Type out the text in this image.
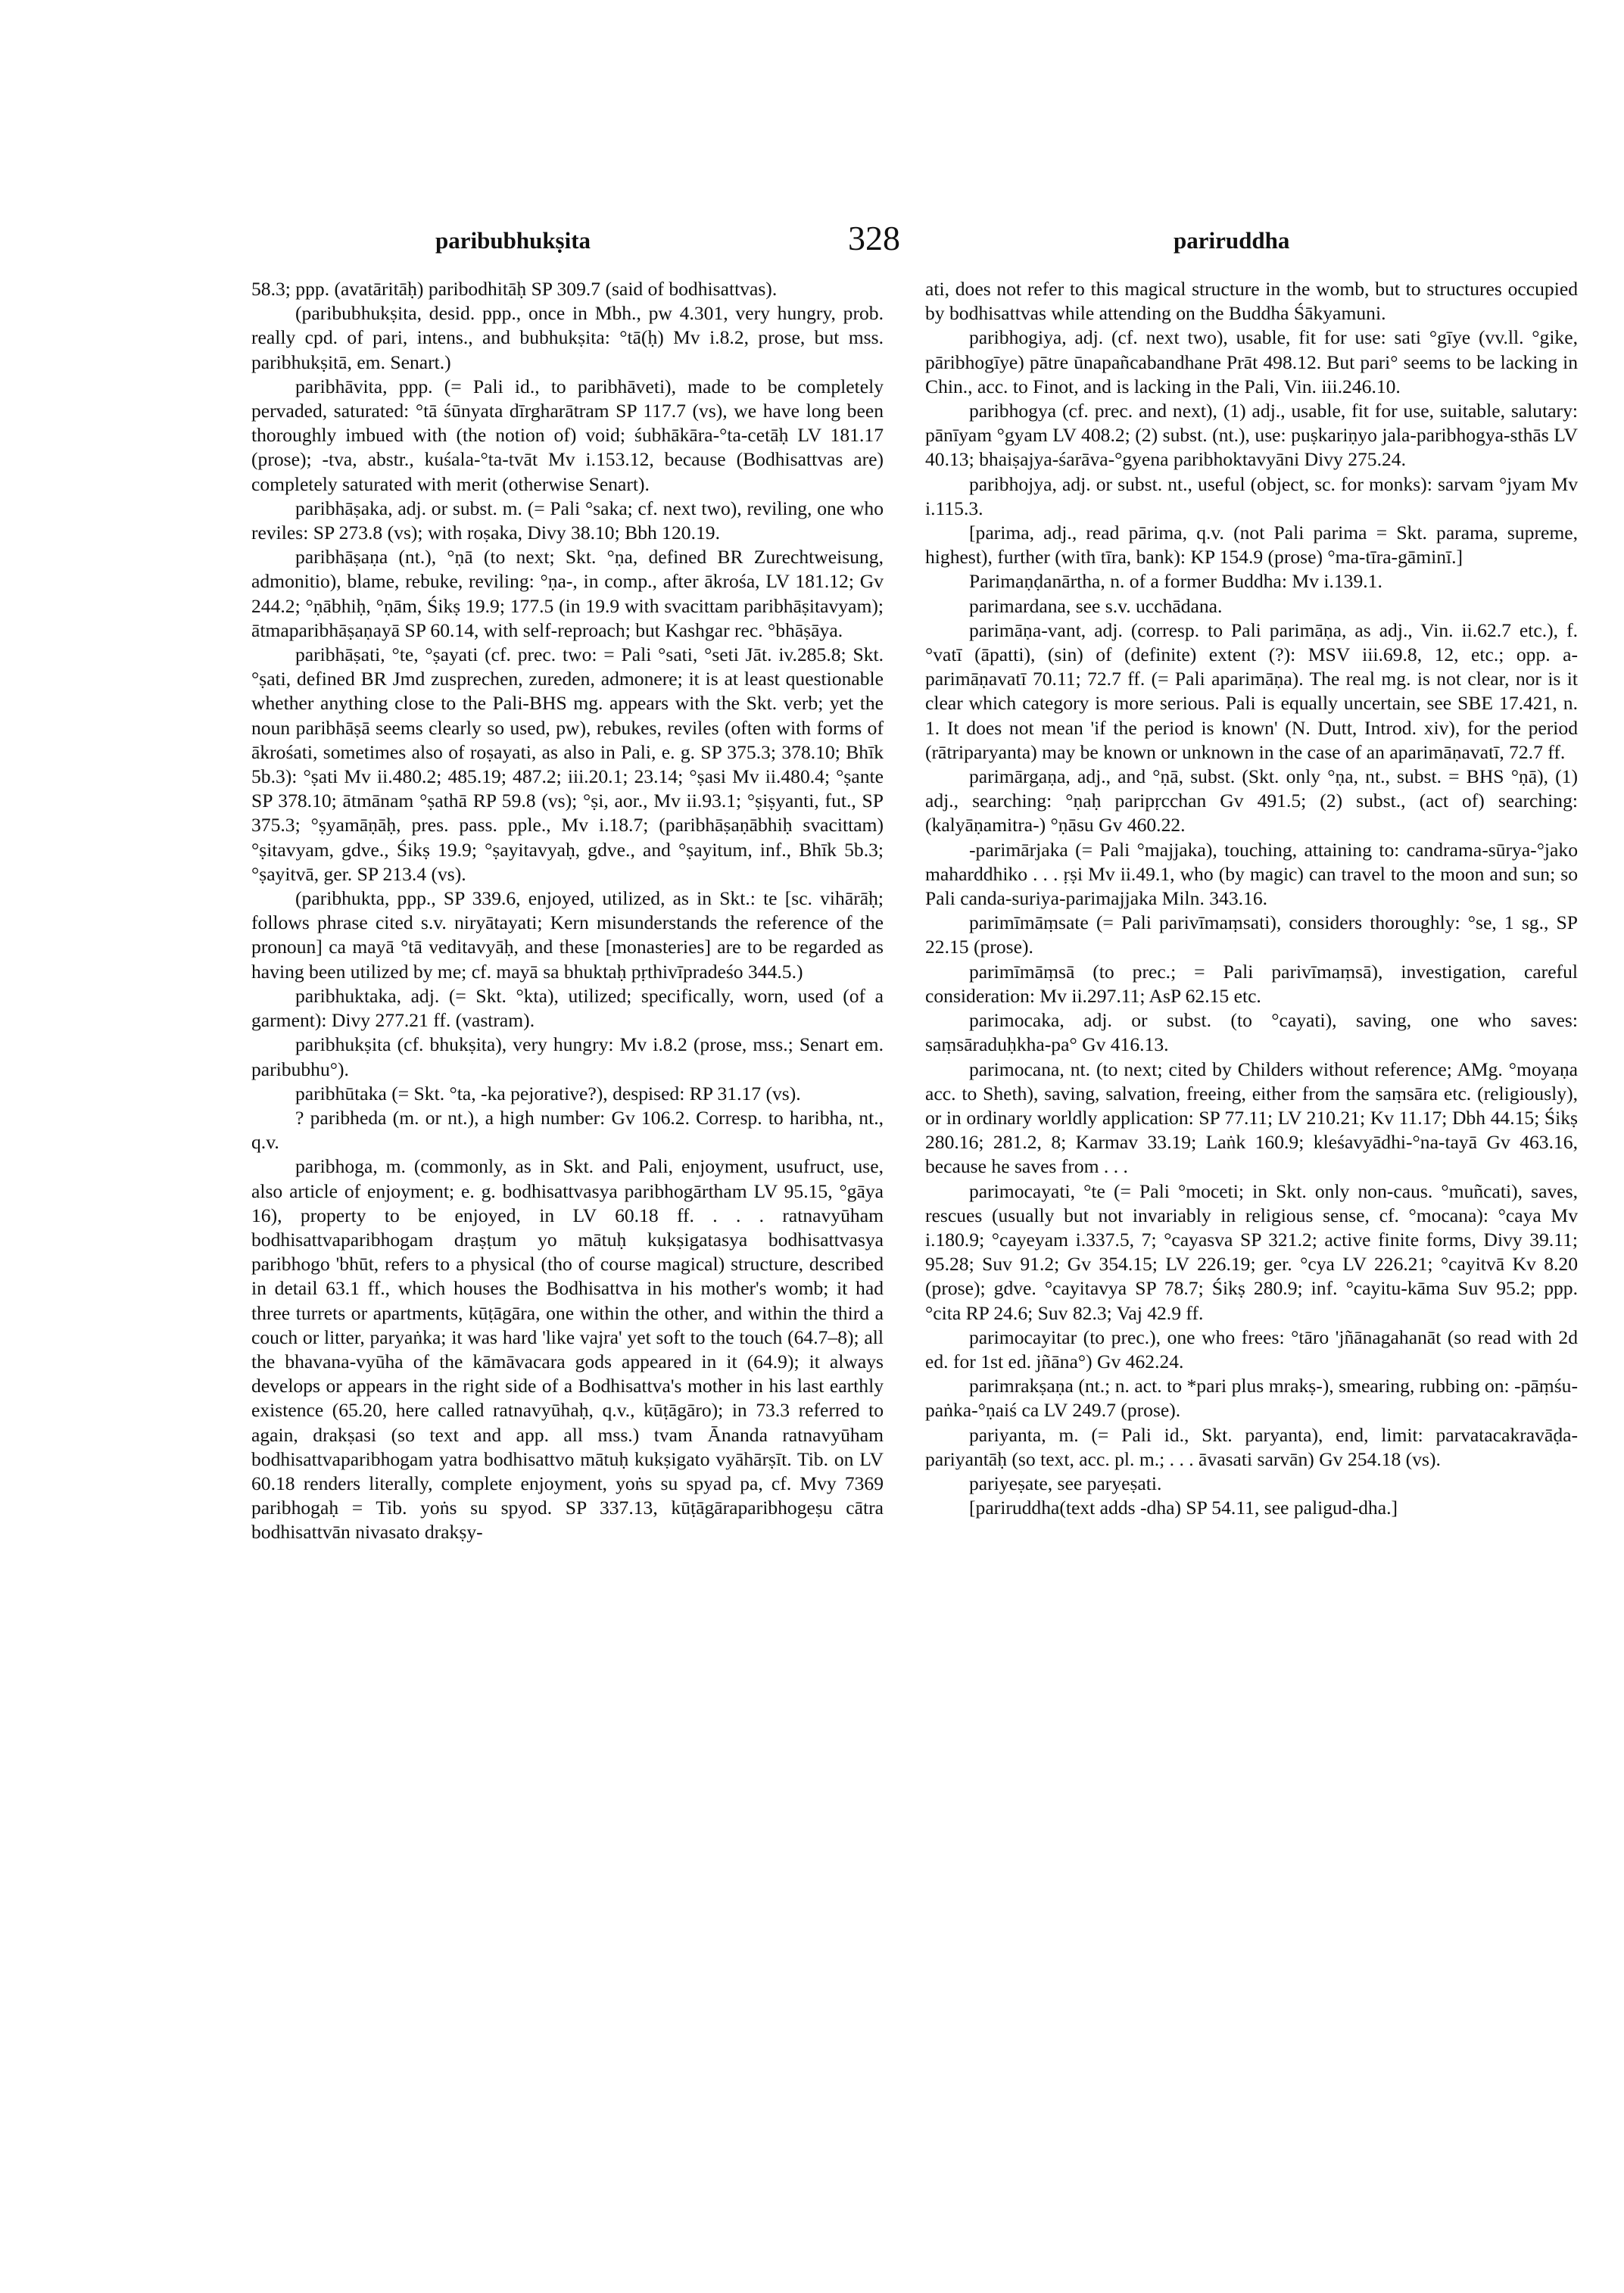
paribubhukṣita	328	pariruddha

58.3; ppp. (avatāritāḥ) paribodhitāḥ SP 309.7 (said of bodhisattvas).

(paribubhukṣita, desid. ppp., once in Mbh., pw 4.301, very hungry, prob. really cpd. of pari, intens., and bubhukṣita: °tā(ḥ) Mv i.8.2, prose, but mss. paribhukṣitā, em. Senart.)

paribhāvita, ppp. (= Pali id., to paribhāveti), made to be completely pervaded, saturated: °tā śūnyata dīrgharātram SP 117.7 (vs), we have long been thoroughly imbued with (the notion of) void; śubhākāra-°ta-cetāḥ LV 181.17 (prose); -tva, abstr., kuśala-°ta-tvāt Mv i.153.12, because (Bodhisattvas are) completely saturated with merit (otherwise Senart).

paribhāṣaka, adj. or subst. m. (= Pali °saka; cf. next two), reviling, one who reviles: SP 273.8 (vs); with roṣaka, Divy 38.10; Bbh 120.19.

paribhāṣaṇa (nt.), °ṇā (to next; Skt. °ṇa, defined BR Zurechtweisung, admonitio), blame, rebuke, reviling: °ṇa-, in comp., after ākrośa, LV 181.12; Gv 244.2; °ṇābhiḥ, °ṇām, Śikṣ 19.9; 177.5 (in 19.9 with svacittam paribhāṣitavyam); ātmaparibhāṣaṇayā SP 60.14, with self-reproach; but Kashgar rec. °bhāṣāya.

paribhāṣati, °te, °ṣayati (cf. prec. two: = Pali °sati, °seti Jāt. iv.285.8; Skt. °ṣati, defined BR Jmd zusprechen, zureden, admonere; it is at least questionable whether anything close to the Pali-BHS mg. appears with the Skt. verb; yet the noun paribhāṣā seems clearly so used, pw), rebukes, reviles (often with forms of ākrośati, sometimes also of roṣayati, as also in Pali, e. g. SP 375.3; 378.10; Bhīk 5b.3): °ṣati Mv ii.480.2; 485.19; 487.2; iii.20.1; 23.14; °ṣasi Mv ii.480.4; °ṣante SP 378.10; ātmānam °ṣathā RP 59.8 (vs); °ṣi, aor., Mv ii.93.1; °ṣiṣyanti, fut., SP 375.3; °ṣyamāṇāḥ, pres. pass. pple., Mv i.18.7; (paribhāṣaṇābhiḥ svacittam) °ṣitavyam, gdve., Śikṣ 19.9; °ṣayitavyaḥ, gdve., and °ṣayitum, inf., Bhīk 5b.3; °ṣayitvā, ger. SP 213.4 (vs).

(paribhukta, ppp., SP 339.6, enjoyed, utilized, as in Skt.: te [sc. vihārāḥ; follows phrase cited s.v. niryātayati; Kern misunderstands the reference of the pronoun] ca mayā °tā veditavyāḥ, and these [monasteries] are to be regarded as having been utilized by me; cf. mayā sa bhuktaḥ pṛthivīpradeśo 344.5.)

paribhuktaka, adj. (= Skt. °kta), utilized; specifically, worn, used (of a garment): Divy 277.21 ff. (vastram).

paribhukṣita (cf. bhukṣita), very hungry: Mv i.8.2 (prose, mss.; Senart em. paribubhu°).

paribhūtaka (= Skt. °ta, -ka pejorative?), despised: RP 31.17 (vs).

? paribheda (m. or nt.), a high number: Gv 106.2. Corresp. to haribha, nt., q.v.

paribhoga, m. (commonly, as in Skt. and Pali, enjoyment, usufruct, use, also article of enjoyment; e. g. bodhisattvasya paribhogārtham LV 95.15, °gāya 16), property to be enjoyed, in LV 60.18 ff. . . . ratnavyūham bodhisattvaparibhogam draṣṭum yo mātuḥ kukṣigatasya bodhisattvasya paribhogo 'bhūt, refers to a physical (tho of course magical) structure, described in detail 63.1 ff., which houses the Bodhisattva in his mother's womb; it had three turrets or apartments, kūṭāgāra, one within the other, and within the third a couch or litter, paryaṅka; it was hard 'like vajra' yet soft to the touch (64.7–8); all the bhavana-vyūha of the kāmāvacara gods appeared in it (64.9); it always develops or appears in the right side of a Bodhisattva's mother in his last earthly existence (65.20, here called ratnavyūhaḥ, q.v., kūṭāgāro); in 73.3 referred to again, drakṣasi (so text and app. all mss.) tvam Ānanda ratnavyūham bodhisattvaparibhogam yatra bodhisattvo mātuḥ kukṣigato vyāhārṣīt. Tib. on LV 60.18 renders literally, complete enjoyment, yoṅs su spyad pa, cf. Mvy 7369 paribhogaḥ = Tib. yoṅs su spyod. SP 337.13, kūṭāgāraparibhogeṣu cātra bodhisattvān nivasato drakṣy-

ati, does not refer to this magical structure in the womb, but to structures occupied by bodhisattvas while attending on the Buddha Śākyamuni.

paribhogiya, adj. (cf. next two), usable, fit for use: sati °gīye (vv.ll. °gike, pāribhogīye) pātre ūnapañcabandhane Prāt 498.12. But pari° seems to be lacking in Chin., acc. to Finot, and is lacking in the Pali, Vin. iii.246.10.

paribhogya (cf. prec. and next), (1) adj., usable, fit for use, suitable, salutary: pānīyam °gyam LV 408.2; (2) subst. (nt.), use: puṣkariṇyo jala-paribhogya-sthās LV 40.13; bhaiṣajya-śarāva-°gyena paribhoktavyāni Divy 275.24.

paribhojya, adj. or subst. nt., useful (object, sc. for monks): sarvam °jyam Mv i.115.3.

[parima, adj., read pārima, q.v. (not Pali parima = Skt. parama, supreme, highest), further (with tīra, bank): KP 154.9 (prose) °ma-tīra-gāminī.]

Parimaṇḍanārtha, n. of a former Buddha: Mv i.139.1.

parimardana, see s.v. ucchādana.

parimāṇa-vant, adj. (corresp. to Pali parimāṇa, as adj., Vin. ii.62.7 etc.), f. °vatī (āpatti), (sin) of (definite) extent (?): MSV iii.69.8, 12, etc.; opp. a-parimāṇavatī 70.11; 72.7 ff. (= Pali aparimāṇa). The real mg. is not clear, nor is it clear which category is more serious. Pali is equally uncertain, see SBE 17.421, n. 1. It does not mean 'if the period is known' (N. Dutt, Introd. xiv), for the period (rātriparyanta) may be known or unknown in the case of an aparimāṇavatī, 72.7 ff.

parimārgaṇa, adj., and °ṇā, subst. (Skt. only °ṇa, nt., subst. = BHS °ṇā), (1) adj., searching: °ṇaḥ paripṛcchan Gv 491.5; (2) subst., (act of) searching: (kalyāṇamitra-) °ṇāsu Gv 460.22.

-parimārjaka (= Pali °majjaka), touching, attaining to: candrama-sūrya-°jako maharddhiko . . . ṛṣi Mv ii.49.1, who (by magic) can travel to the moon and sun; so Pali canda-suriya-parimajjaka Miln. 343.16.

parimīmāṃsate (= Pali parivīmaṃsati), considers thoroughly: °se, 1 sg., SP 22.15 (prose).

parimīmāṃsā (to prec.; = Pali parivīmaṃsā), investigation, careful consideration: Mv ii.297.11; AsP 62.15 etc.

parimocaka, adj. or subst. (to °cayati), saving, one who saves: saṃsāraduḥkha-pa° Gv 416.13.

parimocana, nt. (to next; cited by Childers without reference; AMg. °moyaṇa acc. to Sheth), saving, salvation, freeing, either from the saṃsāra etc. (religiously), or in ordinary worldly application: SP 77.11; LV 210.21; Kv 11.17; Dbh 44.15; Śikṣ 280.16; 281.2, 8; Karmav 33.19; Laṅk 160.9; kleśavyādhi-°na-tayā Gv 463.16, because he saves from . . .

parimocayati, °te (= Pali °moceti; in Skt. only non-caus. °muñcati), saves, rescues (usually but not invariably in religious sense, cf. °mocana): °caya Mv i.180.9; °cayeyam i.337.5, 7; °cayasva SP 321.2; active finite forms, Divy 39.11; 95.28; Suv 91.2; Gv 354.15; LV 226.19; ger. °cya LV 226.21; °cayitvā Kv 8.20 (prose); gdve. °cayitavya SP 78.7; Śikṣ 280.9; inf. °cayitu-kāma Suv 95.2; ppp. °cita RP 24.6; Suv 82.3; Vaj 42.9 ff.

parimocayitar (to prec.), one who frees: °tāro 'jñānagahanāt (so read with 2d ed. for 1st ed. jñāna°) Gv 462.24.

parimrakṣaṇa (nt.; n. act. to *pari plus mrakṣ-), smearing, rubbing on: -pāṃśu-paṅka-°ṇaiś ca LV 249.7 (prose).

pariyanta, m. (= Pali id., Skt. paryanta), end, limit: parvatacakravāḍa-pariyantāḥ (so text, acc. pl. m.; . . . āvasati sarvān) Gv 254.18 (vs).

pariyeṣate, see paryeṣati.

[pariruddha(text adds -dha) SP 54.11, see paligud-dha.]
